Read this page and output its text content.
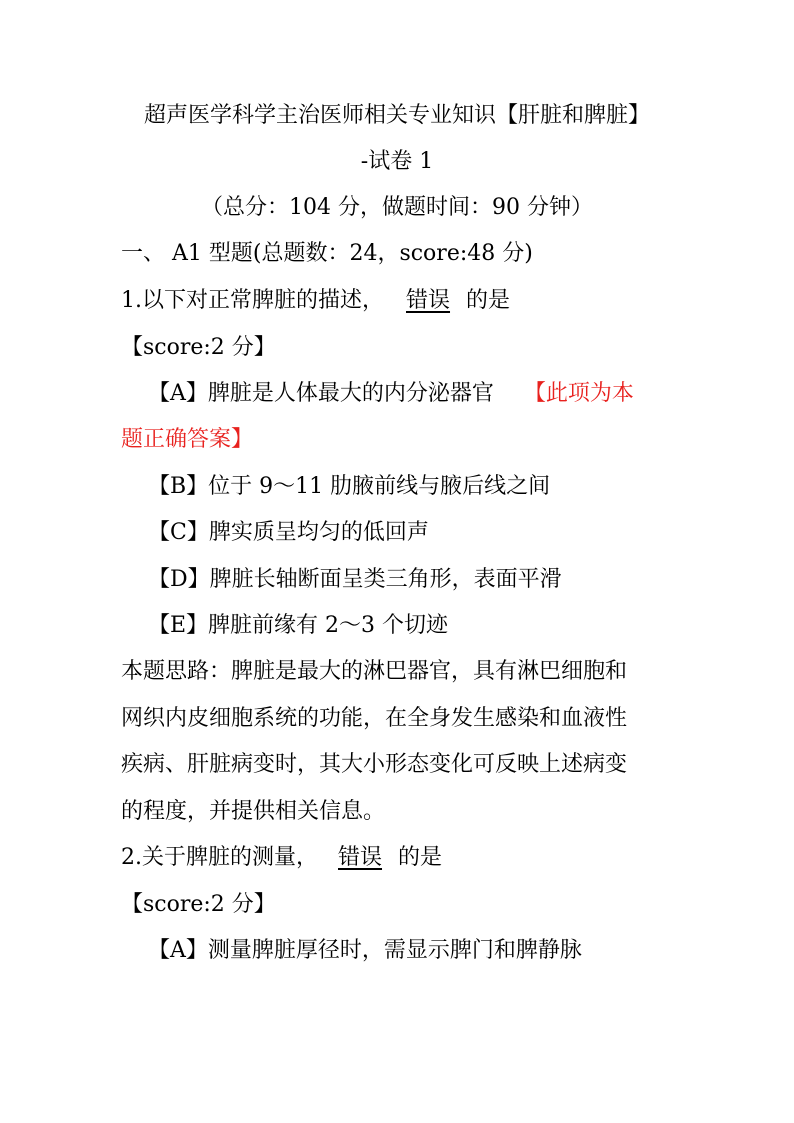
超声医学科学主治医师相关专业知识【肝脏和脾脏】
-试卷 1
（总分：104 分，做题时间：90 分钟）
一、 A1 型题(总题数：24，score:48 分)
1.以下对正常脾脏的描述， 错误 的是
【score:2 分】
【A】脾脏是人体最大的内分泌器官 【此项为本
题正确答案】
【B】位于 9～11 肋腋前线与腋后线之间
【C】脾实质呈均匀的低回声
【D】脾脏长轴断面呈类三角形，表面平滑
【E】脾脏前缘有 2～3 个切迹
本题思路：脾脏是最大的淋巴器官，具有淋巴细胞和
网织内皮细胞系统的功能，在全身发生感染和血液性
疾病、肝脏病变时，其大小形态变化可反映上述病变
的程度，并提供相关信息。
2.关于脾脏的测量， 错误 的是
【score:2 分】
【A】测量脾脏厚径时，需显示脾门和脾静脉
